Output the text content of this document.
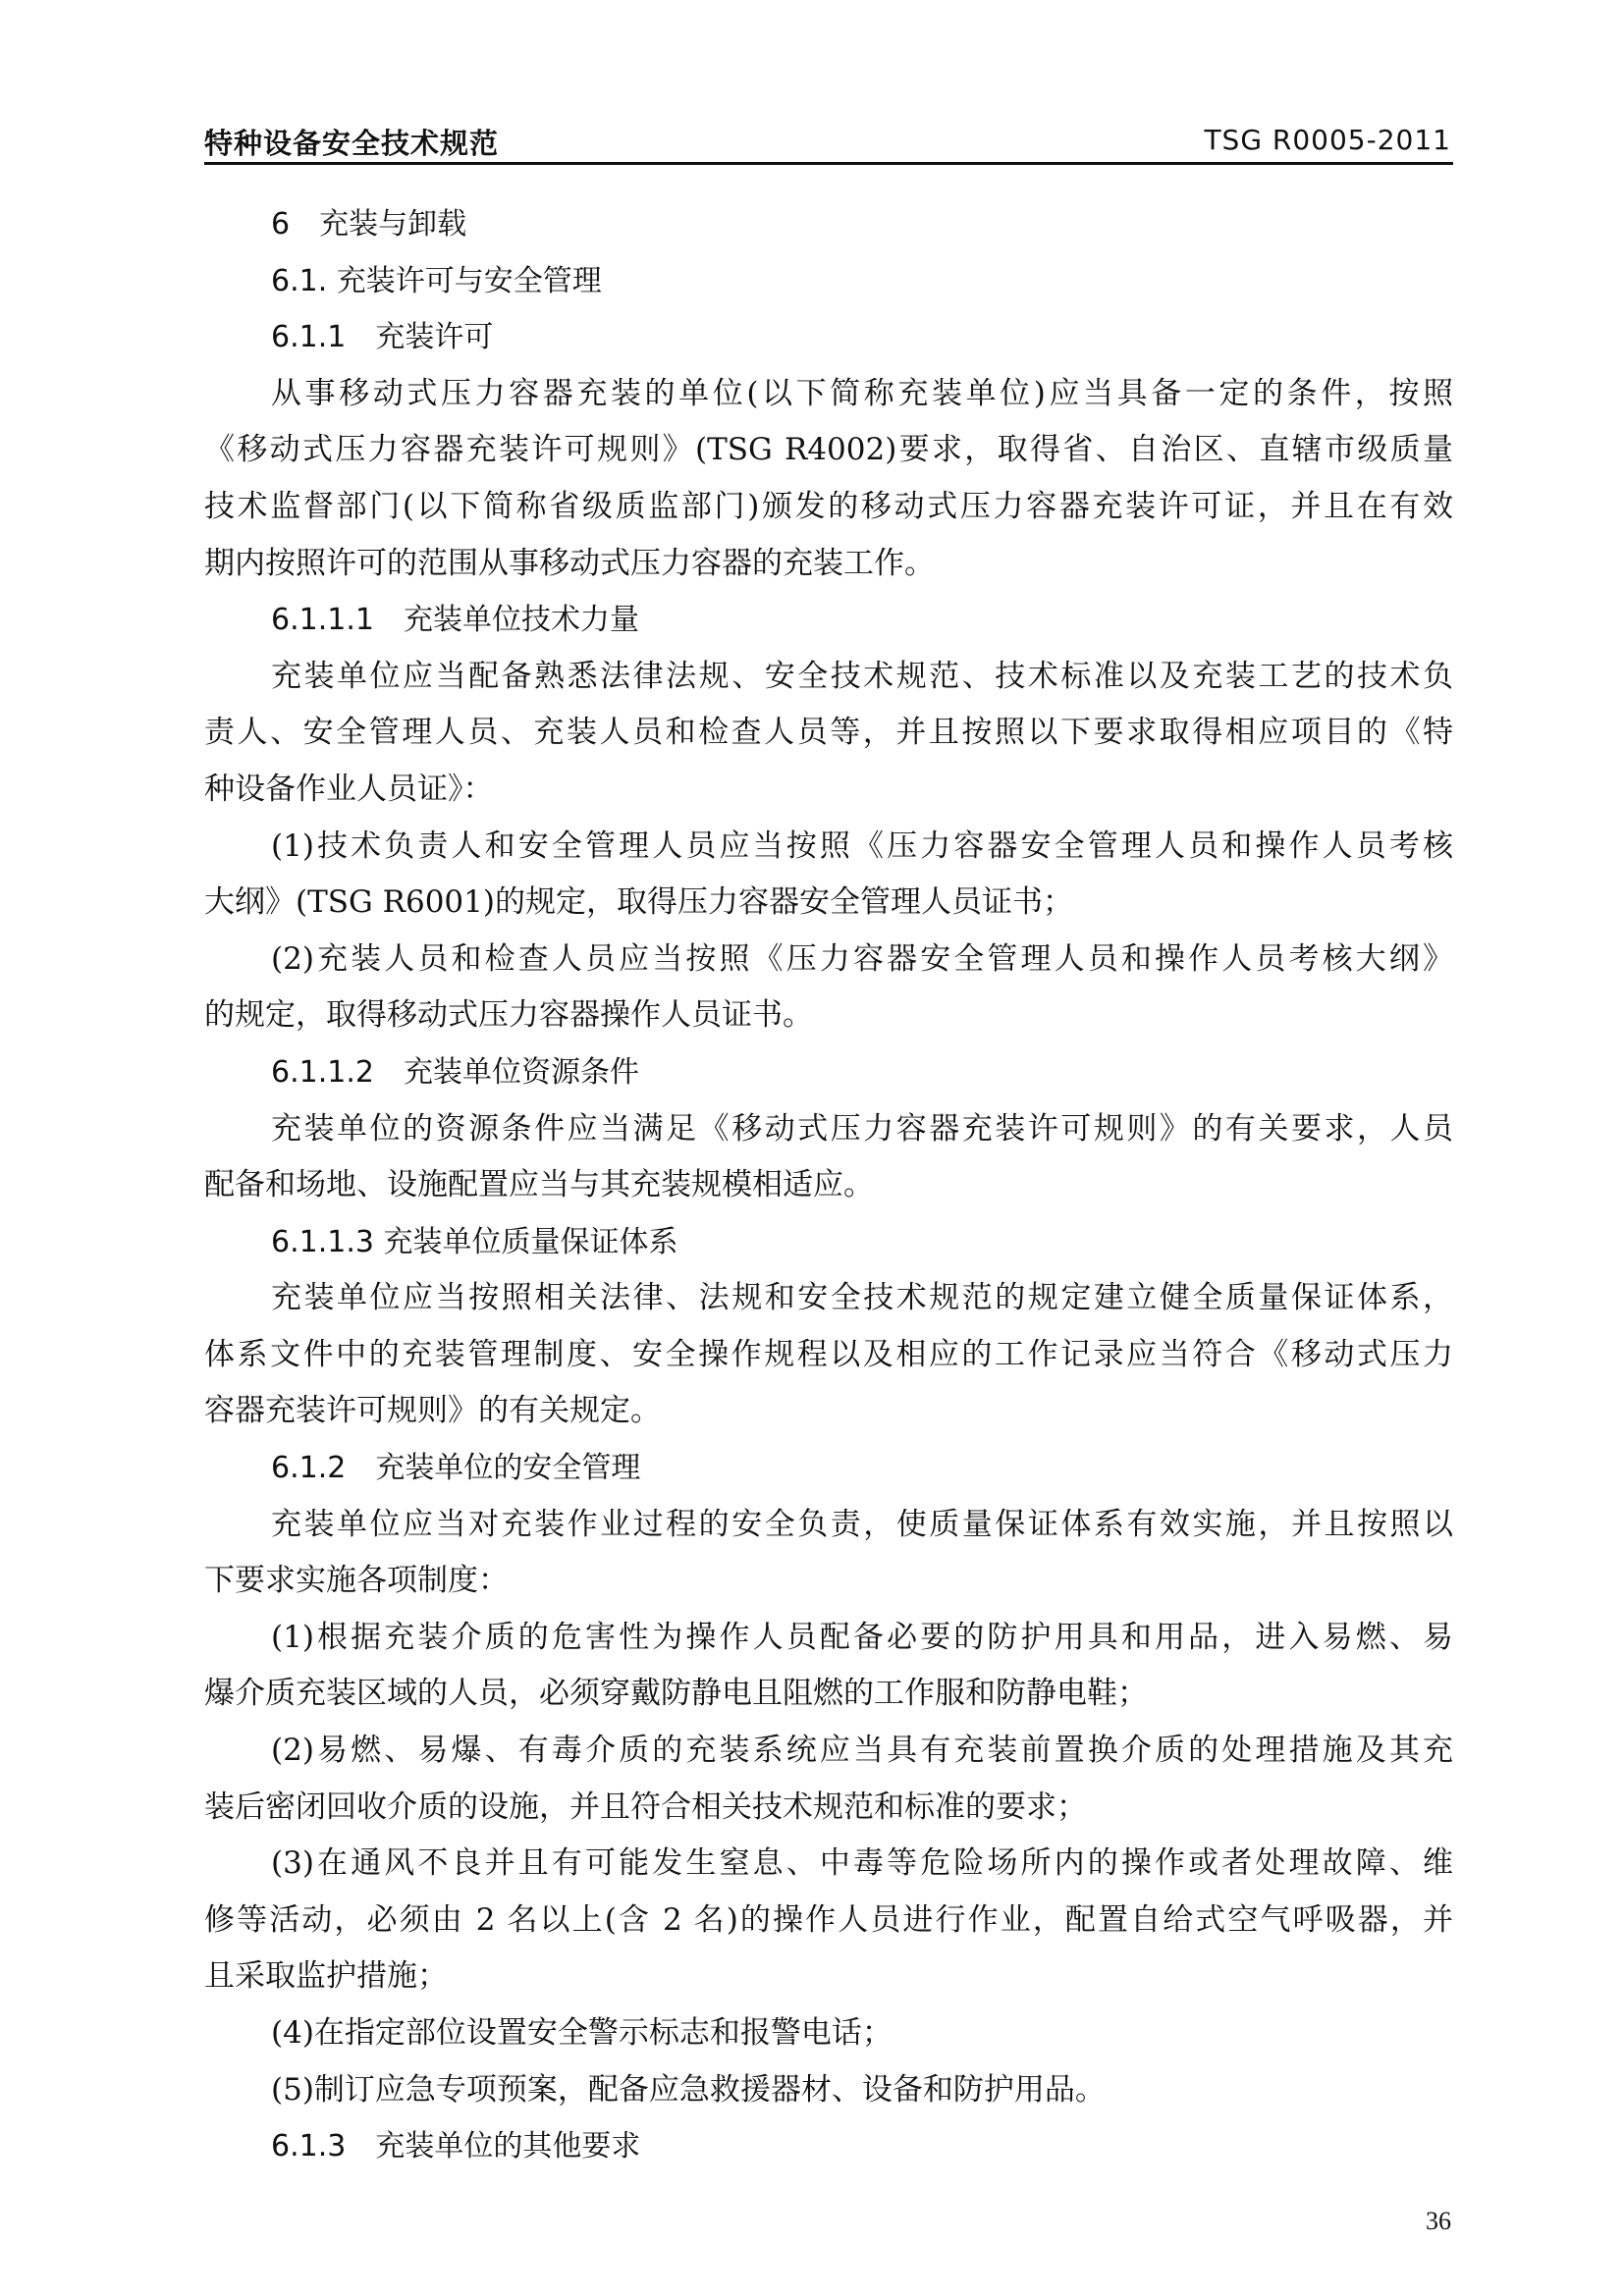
特种设备安全技术规范	TSG R0005-2011
6　充装与卸载
6.1. 充装许可与安全管理
6.1.1　充装许可
从事移动式压力容器充装的单位(以下简称充装单位)应当具备一定的条件，按照
《移动式压力容器充装许可规则》(TSG R4002)要求，取得省、自治区、直辖市级质量
技术监督部门(以下简称省级质监部门)颁发的移动式压力容器充装许可证，并且在有效
期内按照许可的范围从事移动式压力容器的充装工作。
6.1.1.1　充装单位技术力量
充装单位应当配备熟悉法律法规、安全技术规范、技术标准以及充装工艺的技术负
责人、安全管理人员、充装人员和检查人员等，并且按照以下要求取得相应项目的《特
种设备作业人员证》：
(1)技术负责人和安全管理人员应当按照《压力容器安全管理人员和操作人员考核
大纲》(TSG R6001)的规定，取得压力容器安全管理人员证书；
(2)充装人员和检查人员应当按照《压力容器安全管理人员和操作人员考核大纲》
的规定，取得移动式压力容器操作人员证书。
6.1.1.2　充装单位资源条件
充装单位的资源条件应当满足《移动式压力容器充装许可规则》的有关要求，人员
配备和场地、设施配置应当与其充装规模相适应。
6.1.1.3 充装单位质量保证体系
充装单位应当按照相关法律、法规和安全技术规范的规定建立健全质量保证体系，
体系文件中的充装管理制度、安全操作规程以及相应的工作记录应当符合《移动式压力
容器充装许可规则》的有关规定。
6.1.2　充装单位的安全管理
充装单位应当对充装作业过程的安全负责，使质量保证体系有效实施，并且按照以
下要求实施各项制度：
(1)根据充装介质的危害性为操作人员配备必要的防护用具和用品，进入易燃、易
爆介质充装区域的人员，必须穿戴防静电且阻燃的工作服和防静电鞋；
(2)易燃、易爆、有毒介质的充装系统应当具有充装前置换介质的处理措施及其充
装后密闭回收介质的设施，并且符合相关技术规范和标准的要求；
(3)在通风不良并且有可能发生窒息、中毒等危险场所内的操作或者处理故障、维
修等活动，必须由 2 名以上(含 2 名)的操作人员进行作业，配置自给式空气呼吸器，并
且采取监护措施；
(4)在指定部位设置安全警示标志和报警电话；
(5)制订应急专项预案，配备应急救援器材、设备和防护用品。
6.1.3　充装单位的其他要求
36
